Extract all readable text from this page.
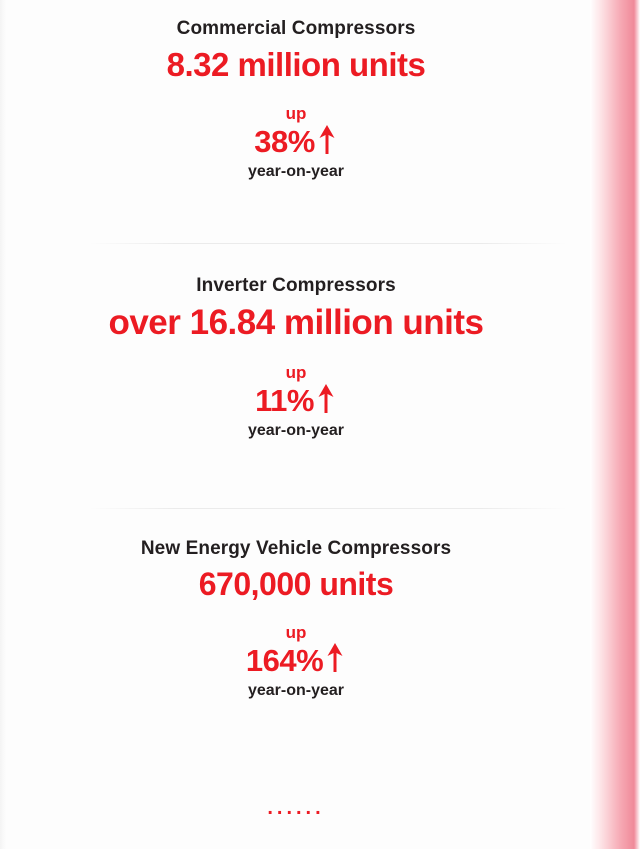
Commercial Compressors
8.32 million units
up
38%
year-on-year
Inverter Compressors
over 16.84 million units
up
11%
year-on-year
New Energy Vehicle Compressors
670,000 units
up
164%
year-on-year
......
